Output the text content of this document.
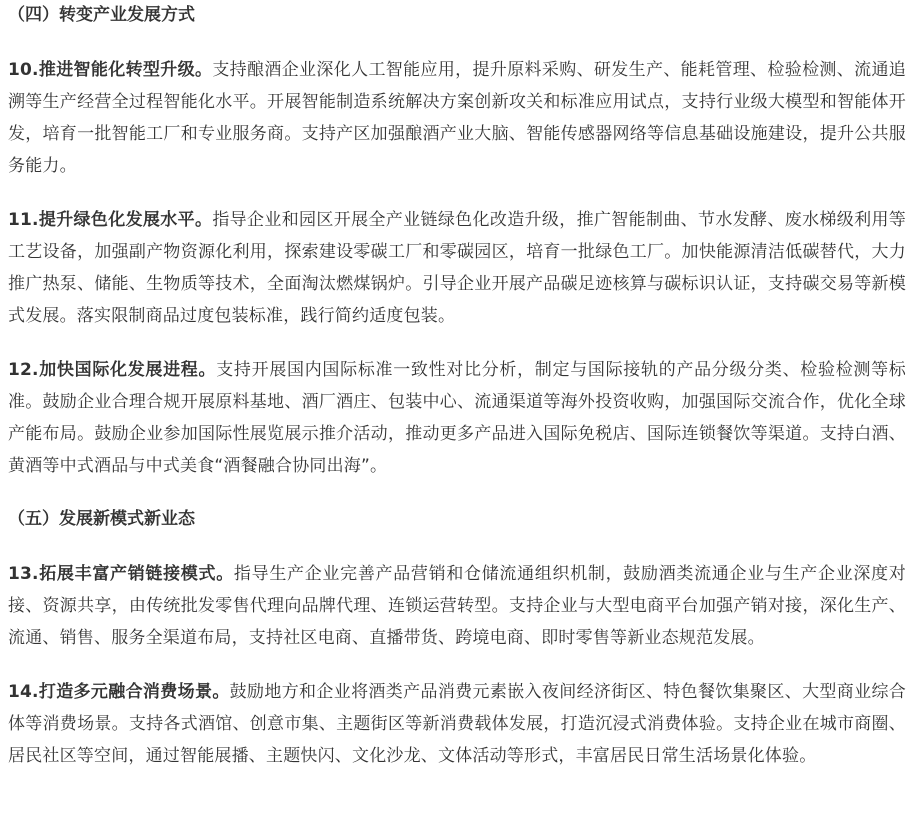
（四）转变产业发展方式

10.推进智能化转型升级。支持酿酒企业深化人工智能应用，提升原料采购、研发生产、能耗管理、检验检测、流通追溯等生产经营全过程智能化水平。开展智能制造系统解决方案创新攻关和标准应用试点，支持行业级大模型和智能体开发，培育一批智能工厂和专业服务商。支持产区加强酿酒产业大脑、智能传感器网络等信息基础设施建设，提升公共服务能力。

11.提升绿色化发展水平。指导企业和园区开展全产业链绿色化改造升级，推广智能制曲、节水发酵、废水梯级利用等工艺设备，加强副产物资源化利用，探索建设零碳工厂和零碳园区，培育一批绿色工厂。加快能源清洁低碳替代，大力推广热泵、储能、生物质等技术，全面淘汰燃煤锅炉。引导企业开展产品碳足迹核算与碳标识认证，支持碳交易等新模式发展。落实限制商品过度包装标准，践行简约适度包装。

12.加快国际化发展进程。支持开展国内国际标准一致性对比分析，制定与国际接轨的产品分级分类、检验检测等标准。鼓励企业合理合规开展原料基地、酒厂酒庄、包装中心、流通渠道等海外投资收购，加强国际交流合作，优化全球产能布局。鼓励企业参加国际性展览展示推介活动，推动更多产品进入国际免税店、国际连锁餐饮等渠道。支持白酒、黄酒等中式酒品与中式美食“酒餐融合协同出海”。

（五）发展新模式新业态

13.拓展丰富产销链接模式。指导生产企业完善产品营销和仓储流通组织机制，鼓励酒类流通企业与生产企业深度对接、资源共享，由传统批发零售代理向品牌代理、连锁运营转型。支持企业与大型电商平台加强产销对接，深化生产、流通、销售、服务全渠道布局，支持社区电商、直播带货、跨境电商、即时零售等新业态规范发展。

14.打造多元融合消费场景。鼓励地方和企业将酒类产品消费元素嵌入夜间经济街区、特色餐饮集聚区、大型商业综合体等消费场景。支持各式酒馆、创意市集、主题街区等新消费载体发展，打造沉浸式消费体验。支持企业在城市商圈、居民社区等空间，通过智能展播、主题快闪、文化沙龙、文体活动等形式，丰富居民日常生活场景化体验。
